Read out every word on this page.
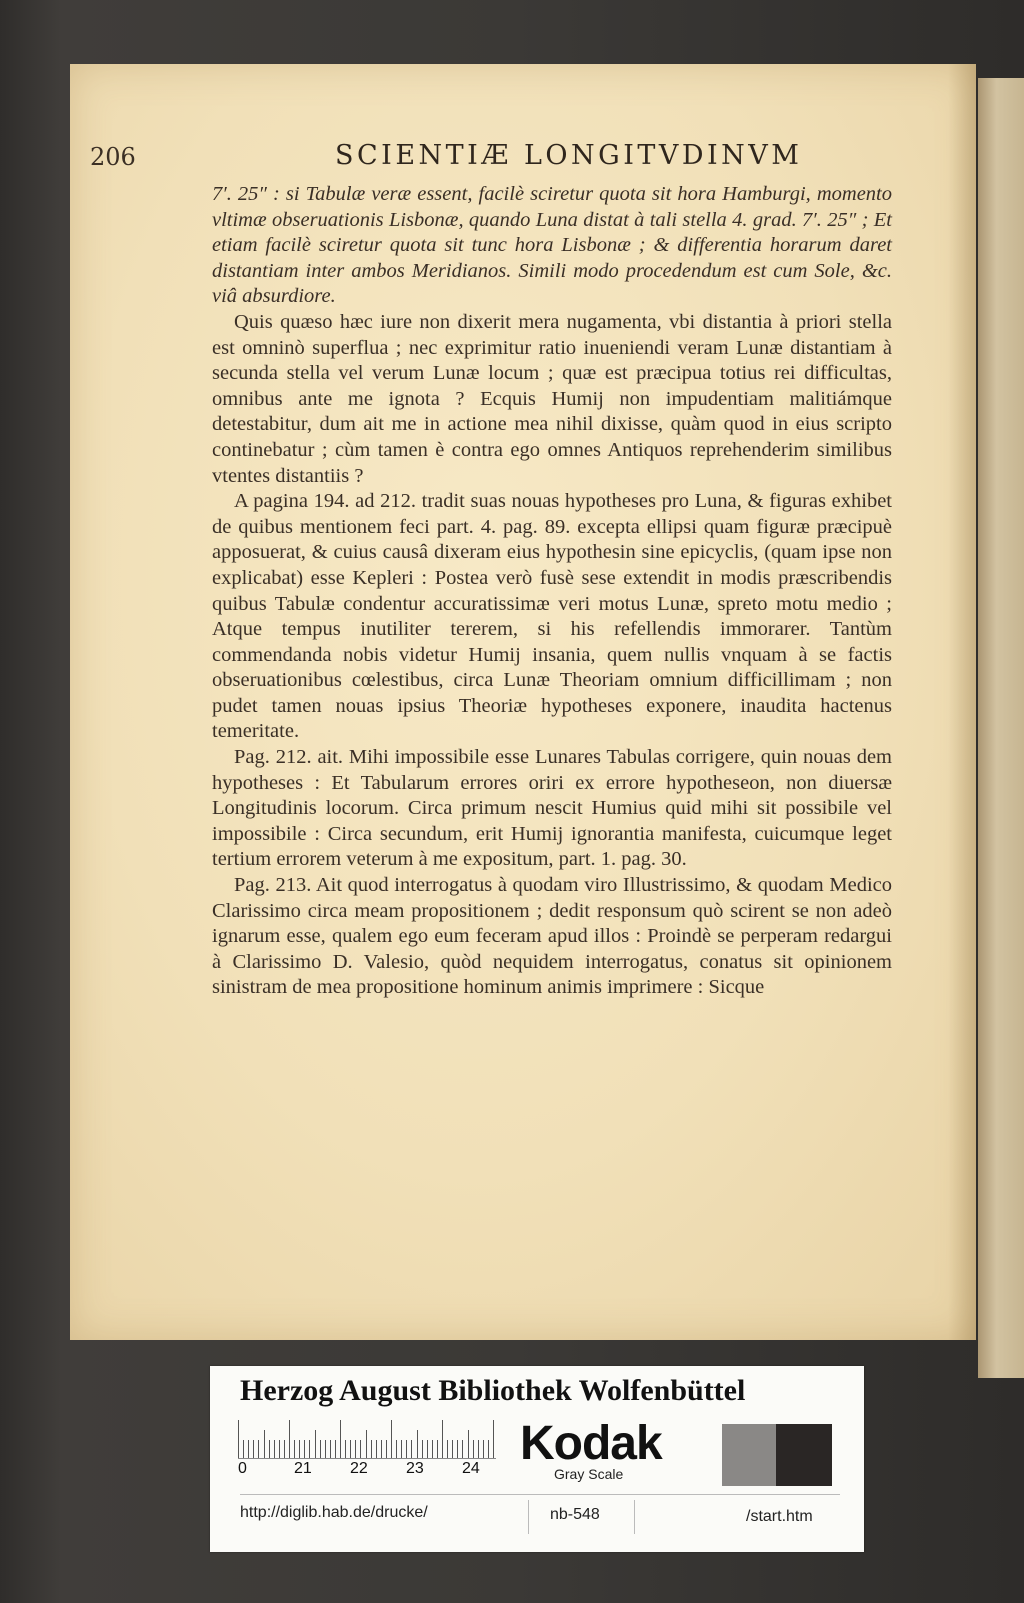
206	SCIENTIÆ LONGITVDINVM

7′. 25″ : si Tabulæ veræ essent, facilè sciretur quota sit hora Hamburgi, momento vltimæ obseruationis Lisbonæ, quando Luna distat à tali stella 4. grad. 7′. 25″ ; Et etiam facilè sciretur quota sit tunc hora Lisbonæ ; & differentia horarum daret distantiam inter ambos Meridianos. Simili modo procedendum est cum Sole, &c. viâ absurdiore.

Quis quæso hæc iure non dixerit mera nugamenta, vbi distantia à priori stella est omninò superflua ; nec exprimitur ratio inueniendi veram Lunæ distantiam à secunda stella vel verum Lunæ locum ; quæ est præcipua totius rei difficultas, omnibus ante me ignota ? Ecquis Humij non impudentiam malitiámque detestabitur, dum ait me in actione mea nihil dixisse, quàm quod in eius scripto continebatur ; cùm tamen è contra ego omnes Antiquos reprehenderim similibus vtentes distantiis ?

A pagina 194. ad 212. tradit suas nouas hypotheses pro Luna, & figuras exhibet de quibus mentionem feci part. 4. pag. 89. excepta ellipsi quam figuræ præcipuè apposuerat, & cuius causâ dixeram eius hypothesin sine epicyclis, (quam ipse non explicabat) esse Kepleri : Postea verò fusè sese extendit in modis præscribendis quibus Tabulæ condentur accuratissimæ veri motus Lunæ, spreto motu medio ; Atque tempus inutiliter tererem, si his refellendis immorarer. Tantùm commendanda nobis videtur Humij insania, quem nullis vnquam à se factis obseruationibus cœlestibus, circa Lunæ Theoriam omnium difficillimam ; non pudet tamen nouas ipsius Theoriæ hypotheses exponere, inaudita hactenus temeritate.

Pag. 212. ait. Mihi impossibile esse Lunares Tabulas corrigere, quin nouas dem hypotheses : Et Tabularum errores oriri ex errore hypotheseon, non diuersæ Longitudinis locorum. Circa primum nescit Humius quid mihi sit possibile vel impossibile : Circa secundum, erit Humij ignorantia manifesta, cuicumque leget tertium errorem veterum à me expositum, part. 1. pag. 30.

Pag. 213. Ait quod interrogatus à quodam viro Illustrissimo, & quodam Medico Clarissimo circa meam propositionem ; dedit responsum quò scirent se non adeò ignarum esse, qualem ego eum feceram apud illos : Proindè se perperam redargui à Clarissimo D. Valesio, quòd nequidem interrogatus, conatus sit opinionem sinistram de mea propositione hominum animis imprimere : Sicque

Herzog August Bibliothek Wolfenbüttel
0	21 22 23 24 Kodak
Gray Scale
http://diglib.hab.de/drucke/	nb-548	/start.htm
